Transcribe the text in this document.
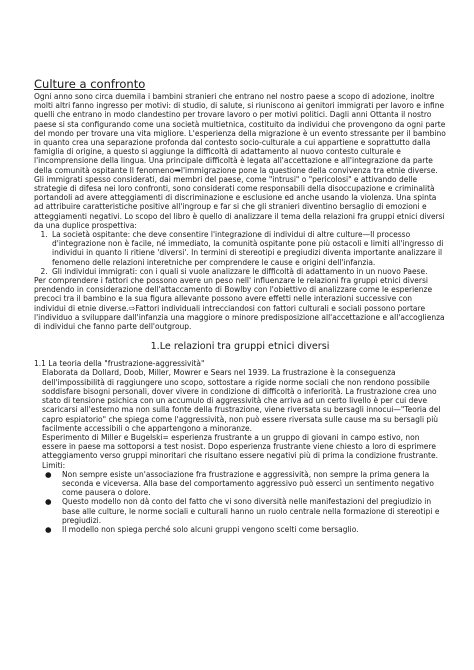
Culture a confronto

Ogni anno sono circa duemila i bambini stranieri che entrano nel nostro paese a scopo di adozione, inoltre molti altri fanno ingresso per motivi: di studio, di salute, si riuniscono ai genitori immigrati per lavoro e infine quelli che entrano in modo clandestino per trovare lavoro o per motivi politici. Dagli anni Ottanta il nostro paese si sta configurando come una società multietnica, costituito da individui che provengono da ogni parte del mondo per trovare una vita migliore. L'esperienza della migrazione è un evento stressante per il bambino in quanto crea una separazione profonda dal contesto socio-culturale a cui appartiene e soprattutto dalla famiglia di origine, a questo si aggiunge la difficoltà di adattamento al nuovo contesto culturale e l'incomprensione della lingua. Una principale difficoltà è legata all'accettazione e all'integrazione da parte della comunità ospitante Il fenomeno➡l'immigrazione pone la questione della convivenza tra etnie diverse. Gli immigrati spesso considerati, dai membri del paese, come "intrusi" o "pericolosi" e attivando delle strategie di difesa nei loro confronti, sono considerati come responsabili della disoccupazione e criminalità portandoli ad avere atteggiamenti di discriminazione e esclusione ed anche usando la violenza. Una spinta ad attribuire caratteristiche positive all'ingroup e far si che gli stranieri diventino bersaglio di emozioni e atteggiamenti negativi. Lo scopo del libro è quello di analizzare il tema della relazioni fra gruppi etnici diversi da una duplice prospettiva:

1. La società ospitante: che deve consentire l'integrazione di individui di altre culture—Il processo d'integrazione non è facile, né immediato, la comunità ospitante pone più ostacoli e limiti all'ingresso di individui in quanto li ritiene 'diversi'. In termini di stereotipi e pregiudizi diventa importante analizzare il fenomeno delle relazioni interetniche per comprendere le cause e origini dell'infanzia.
2. Gli individui immigrati: con i quali si vuole analizzare le difficoltà di adattamento in un nuovo Paese.

Per comprendere i fattori che possono avere un peso nell' influenzare le relazioni fra gruppi etnici diversi prendendo in considerazione dell'attaccamento di Bowlby con l'obiettivo di analizzare come le esperienze precoci tra il bambino e la sua figura allevante possono avere effetti nelle interazioni successive con individui di etnie diverse.⇨Fattori individuali intrecciandosi con fattori culturali e sociali possono portare l'individuo a sviluppare dall'infanzia una maggiore o minore predisposizione all'accettazione e all'accoglienza di individui che fanno parte dell'outgroup.

1.Le relazioni tra gruppi etnici diversi

1.1 La teoria della "frustrazione-aggressività"

Elaborata da Dollard, Doob, Miller, Mowrer e Sears nel 1939. La frustrazione è la conseguenza dell'impossibilità di raggiungere uno scopo, sottostare a rigide norme sociali che non rendono possibile soddisfare bisogni personali, dover vivere in condizione di difficoltà o inferiorità. La frustrazione crea uno stato di tensione psichica con un accumulo di aggressività che arriva ad un certo livello è per cui deve scaricarsi all'esterno ma non sulla fonte della frustrazione, viene riversata su bersagli innocui—"Teoria del capro espiatorio" che spiega come l'aggressività, non può essere riversata sulle cause ma su bersagli più facilmente accessibili o che appartengono a minoranze.

Esperimento di Miller e Bugelski= esperienza frustrante a un gruppo di giovani in campo estivo, non essere in paese ma sottoporsi a test nosist. Dopo esperienza frustrante viene chiesto a loro di esprimere atteggiamento verso gruppi minoritari che risultano essere negativi più di prima la condizione frustrante.

Limiti:

● Non sempre esiste un'associazione fra frustrazione e aggressività, non sempre la prima genera la seconda e viceversa. Alla base del comportamento aggressivo può essercì un sentimento negativo come pausera o dolore.
● Questo modello non dà conto del fatto che vi sono diversità nelle manifestazioni del pregiudizio in base alle culture, le norme sociali e culturali hanno un ruolo centrale nella formazione di stereotipi e pregiudizi.
● Il modello non spiega perché solo alcuni gruppi vengono scelti come bersaglio.
